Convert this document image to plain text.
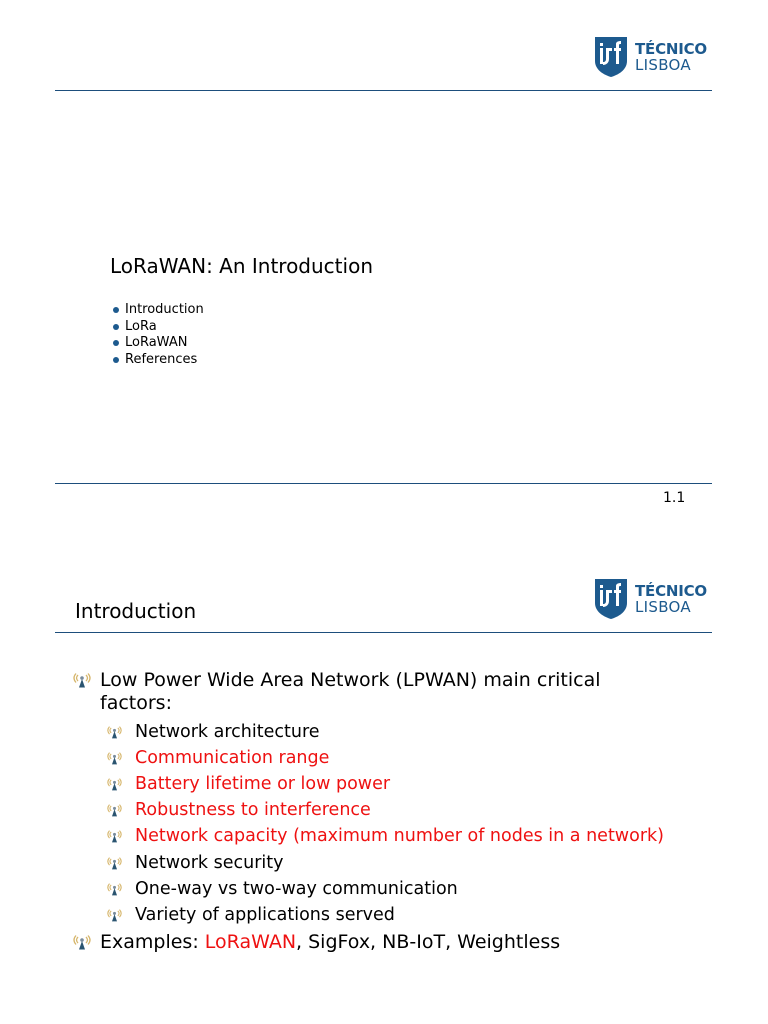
TÉCNICO
LISBOA
LoRaWAN: An Introduction
Introduction
LoRa
LoRaWAN
References
1.1
TÉCNICO
LISBOA
Introduction
Low Power Wide Area Network (LPWAN) main critical
factors:
Network architecture
Communication range
Battery lifetime or low power
Robustness to interference
Network capacity (maximum number of nodes in a network)
Network security
One-way vs two-way communication
Variety of applications served
Examples: LoRaWAN, SigFox, NB-IoT, Weightless
